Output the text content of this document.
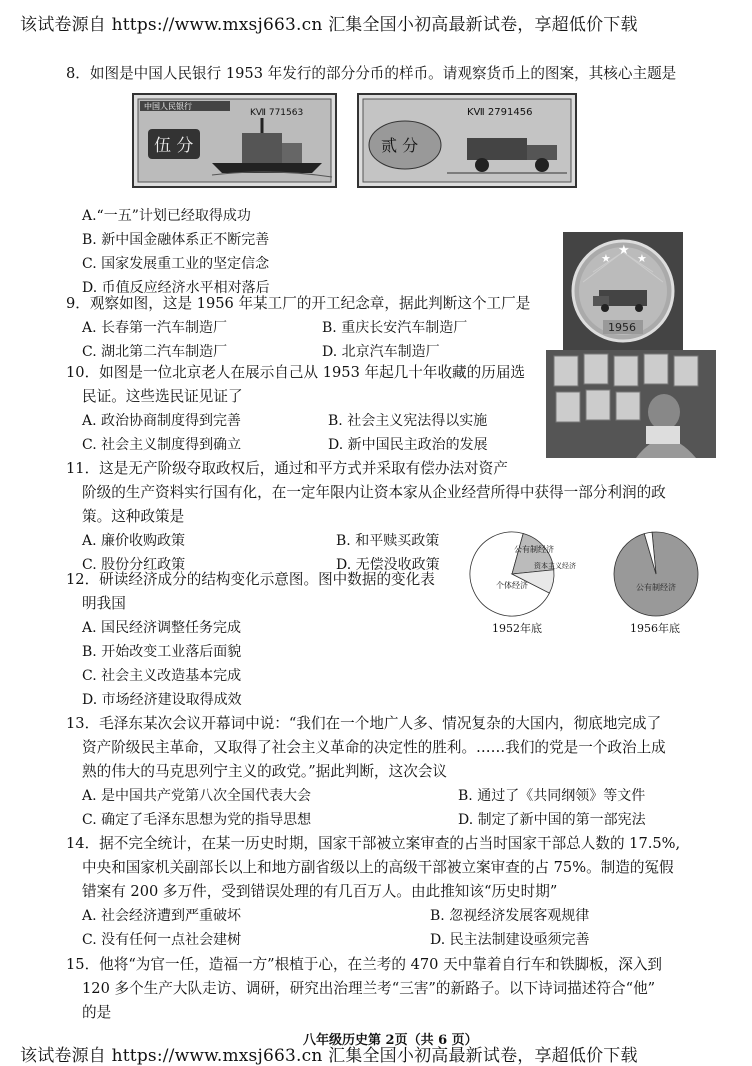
该试卷源自 https://www.mxsj663.cn 汇集全国小初高最新试卷，享超低价下载
8．如图是中国人民银行 1953 年发行的部分分币的样币。请观察货币上的图案，其核心主题是
中国人民银行
KⅦ 771563
伍 分
KⅦ 2791456
贰 分
A.“一五”计划已经取得成功
B. 新中国金融体系正不断完善
C. 国家发展重工业的坚定信念
D. 币值反应经济水平相对落后
★
★
★
1956
9．观察如图，这是 1956 年某工厂的开工纪念章，据此判断这个工厂是
A. 长春第一汽车制造厂	B. 重庆长安汽车制造厂
C. 湖北第二汽车制造厂	D. 北京汽车制造厂
10．如图是一位北京老人在展示自己从 1953 年起几十年收藏的历届选
民证。这些选民证见证了
A. 政治协商制度得到完善	B. 社会主义宪法得以实施
C. 社会主义制度得到确立	D. 新中国民主政治的发展
11．这是无产阶级夺取政权后，通过和平方式并采取有偿办法对资产
阶级的生产资料实行国有化，在一定年限内让资本家从企业经营所得中获得一部分利润的政
策。这种政策是
A. 廉价收购政策	B. 和平赎买政策
C. 股份分红政策	D. 无偿没收政策
个体经济
公有制经济
资本主义经济
公有制经济
1952年底	1956年底
12．研读经济成分的结构变化示意图。图中数据的变化表
明我国
A. 国民经济调整任务完成
B. 开始改变工业落后面貌
C. 社会主义改造基本完成
D. 市场经济建设取得成效
13．毛泽东某次会议开幕词中说：“我们在一个地广人多、情况复杂的大国内，彻底地完成了
资产阶级民主革命，又取得了社会主义革命的决定性的胜利。……我们的党是一个政治上成
熟的伟大的马克思列宁主义的政党。”据此判断，这次会议
A. 是中国共产党第八次全国代表大会	B. 通过了《共同纲领》等文件
C. 确定了毛泽东思想为党的指导思想	D. 制定了新中国的第一部宪法
14．据不完全统计，在某一历史时期，国家干部被立案审查的占当时国家干部总人数的 17.5%,
中央和国家机关副部长以上和地方副省级以上的高级干部被立案审查的占 75%。制造的冤假
错案有 200 多万件，受到错误处理的有几百万人。由此推知该“历史时期”
A. 社会经济遭到严重破坏	B. 忽视经济发展客观规律
C. 没有任何一点社会建树	D. 民主法制建设亟须完善
15．他将“为官一任，造福一方”根植于心，在兰考的 470 天中靠着自行车和铁脚板，深入到
120 多个生产大队走访、调研，研究出治理兰考“三害”的新路子。以下诗词描述符合“他”
的是
八年级历史第 2页（共 6 页）
该试卷源自 https://www.mxsj663.cn 汇集全国小初高最新试卷，享超低价下载
